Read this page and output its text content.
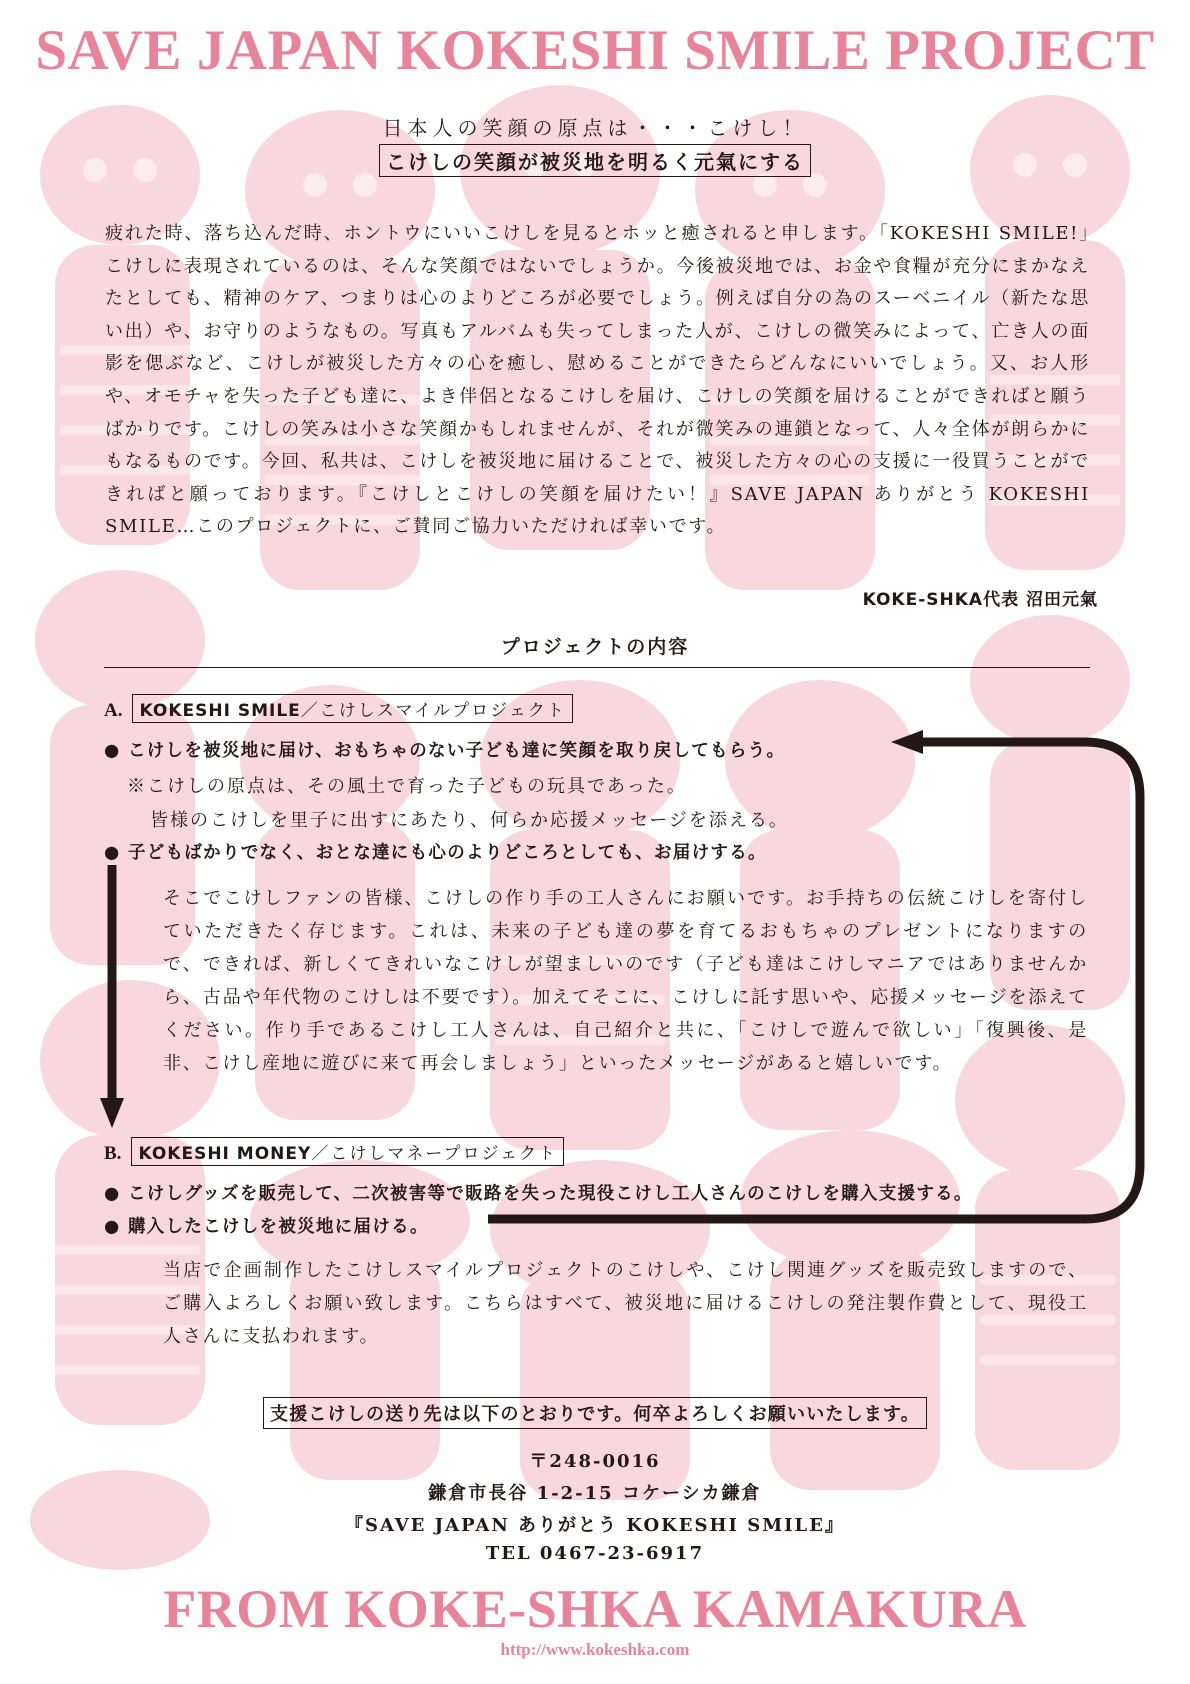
SAVE JAPAN KOKESHI SMILE PROJECT
日本人の笑顔の原点は・・・こけし！
こけしの笑顔が被災地を明るく元氣にする

疲れた時、落ち込んだ時、ホントウにいいこけしを見るとホッと癒されると申します。「KOKESHI SMILE!」こけしに表現されているのは、そんな笑顔ではないでしょうか。今後被災地では、お金や食糧が充分にまかなえたとしても、精神のケア、つまりは心のよりどころが必要でしょう。例えば自分の為のスーベニイル（新たな思い出）や、お守りのようなもの。写真もアルバムも失ってしまった人が、こけしの微笑みによって、亡き人の面影を偲ぶなど、こけしが被災した方々の心を癒し、慰めることができたらどんなにいいでしょう。又、お人形や、オモチャを失った子ども達に、よき伴侶となるこけしを届け、こけしの笑顔を届けることができればと願うばかりです。こけしの笑みは小さな笑顔かもしれませんが、それが微笑みの連鎖となって、人々全体が朗らかにもなるものです。今回、私共は、こけしを被災地に届けることで、被災した方々の心の支援に一役買うことができればと願っております。『こけしとこけしの笑顔を届けたい！』SAVE JAPAN ありがとう KOKESHI SMILE…このプロジェクトに、ご賛同ご協力いただければ幸いです。

KOKE-SHKA代表 沼田元氣
プロジェクトの内容
A. KOKESHI SMILE／こけしスマイルプロジェクト
● こけしを被災地に届け、おもちゃのない子ども達に笑顔を取り戻してもらう。
※こけしの原点は、その風土で育った子どもの玩具であった。
皆様のこけしを里子に出すにあたり、何らか応援メッセージを添える。
● 子どもばかりでなく、おとな達にも心のよりどころとしても、お届けする。

そこでこけしファンの皆様、こけしの作り手の工人さんにお願いです。お手持ちの伝統こけしを寄付していただきたく存じます。これは、未来の子ども達の夢を育てるおもちゃのプレゼントになりますので、できれば、新しくてきれいなこけしが望ましいのです（子ども達はこけしマニアではありませんから、古品や年代物のこけしは不要です）。加えてそこに、こけしに託す思いや、応援メッセージを添えてください。作り手であるこけし工人さんは、自己紹介と共に、「こけしで遊んで欲しい」「復興後、是非、こけし産地に遊びに来て再会しましょう」といったメッセージがあると嬉しいです。

B. KOKESHI MONEY／こけしマネープロジェクト
● こけしグッズを販売して、二次被害等で販路を失った現役こけし工人さんのこけしを購入支援する。
● 購入したこけしを被災地に届ける。

当店で企画制作したこけしスマイルプロジェクトのこけしや、こけし関連グッズを販売致しますので、ご購入よろしくお願い致します。こちらはすべて、被災地に届けるこけしの発注製作費として、現役工人さんに支払われます。

支援こけしの送り先は以下のとおりです。何卒よろしくお願いいたします。
〒248-0016
鎌倉市長谷 1-2-15 コケーシカ鎌倉
『SAVE JAPAN ありがとう KOKESHI SMILE』
TEL 0467-23-6917
FROM KOKE-SHKA KAMAKURA
http://www.kokeshka.com
